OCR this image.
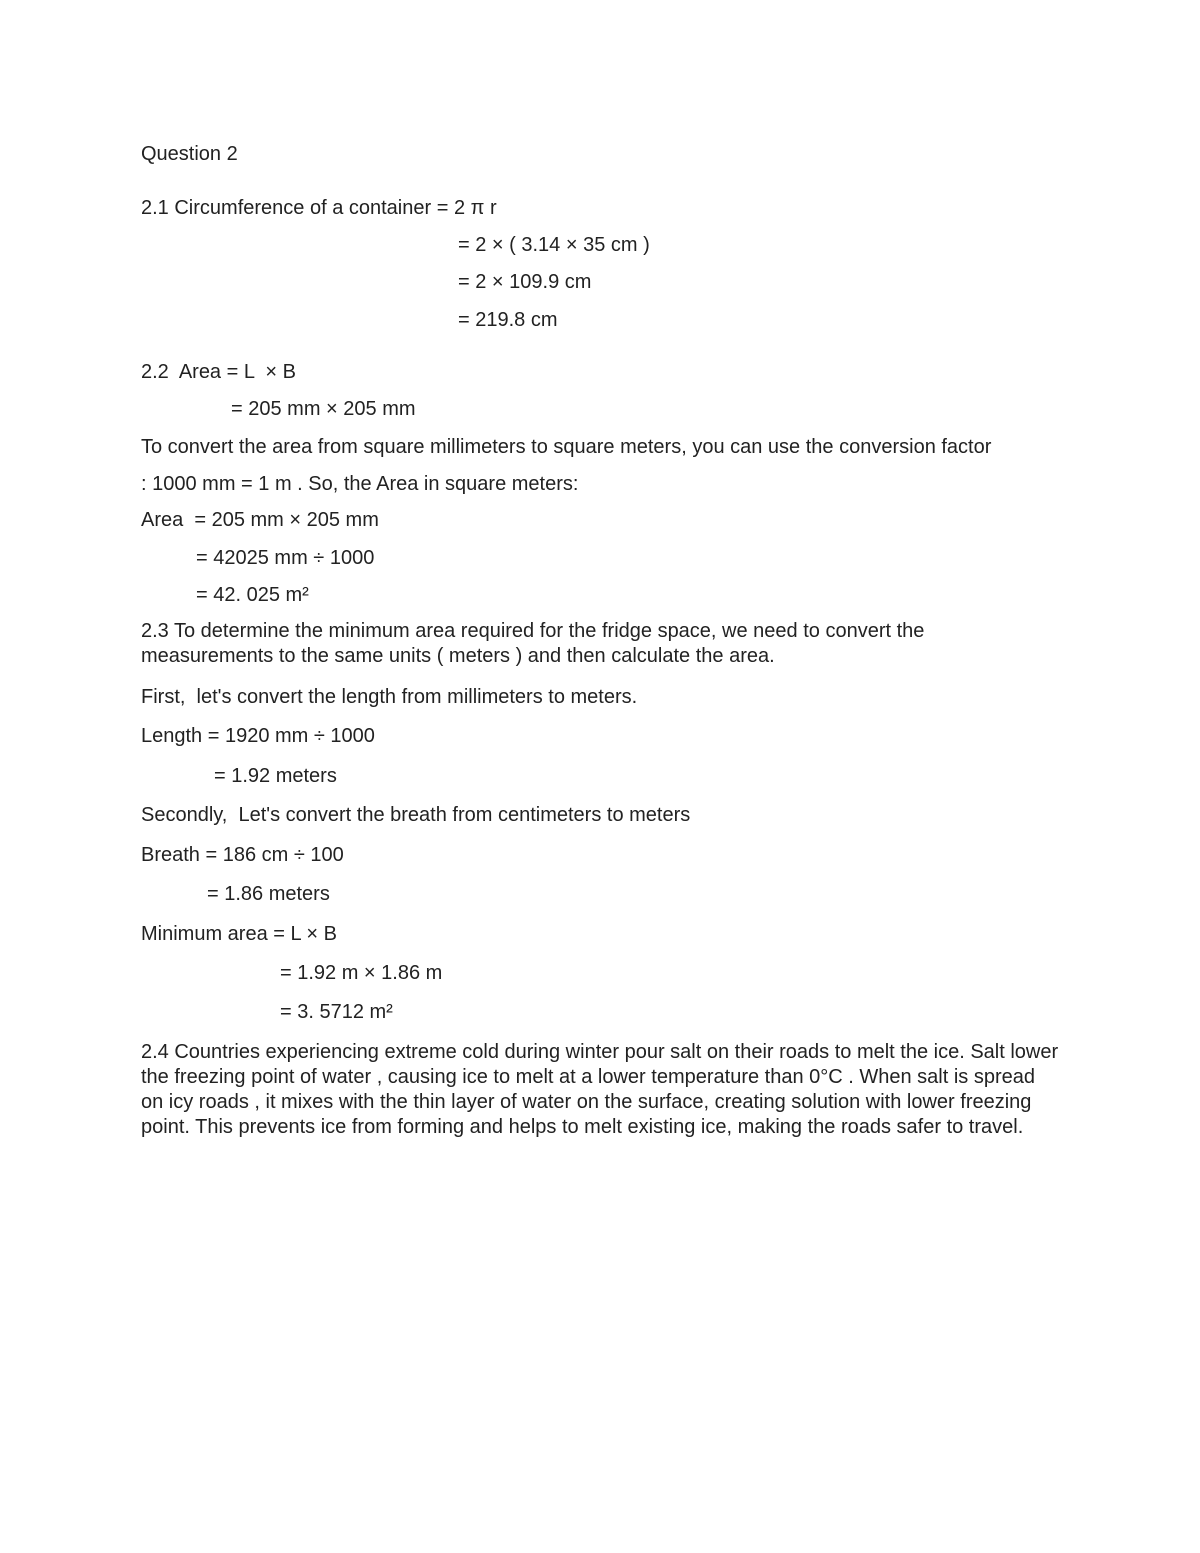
Question 2

2.1 Circumference of a container = 2 π r

= 2 × ( 3.14 × 35 cm )

= 2 × 109.9 cm

= 219.8 cm

2.2  Area = L  × B

= 205 mm × 205 mm

To convert the area from square millimeters to square meters, you can use the conversion factor

: 1000 mm = 1 m . So, the Area in square meters:

Area  = 205 mm × 205 mm

= 42025 mm ÷ 1000

= 42. 025 m²

2.3 To determine the minimum area required for the fridge space, we need to convert the measurements to the same units ( meters ) and then calculate the area.

First,  let's convert the length from millimeters to meters.

Length = 1920 mm ÷ 1000

= 1.92 meters

Secondly,  Let's convert the breath from centimeters to meters

Breath = 186 cm ÷ 100

= 1.86 meters

Minimum area = L × B

= 1.92 m × 1.86 m

= 3. 5712 m²

2.4 Countries experiencing extreme cold during winter pour salt on their roads to melt the ice. Salt lower the freezing point of water , causing ice to melt at a lower temperature than 0°C . When salt is spread on icy roads , it mixes with the thin layer of water on the surface, creating solution with lower freezing point. This prevents ice from forming and helps to melt existing ice, making the roads safer to travel.
